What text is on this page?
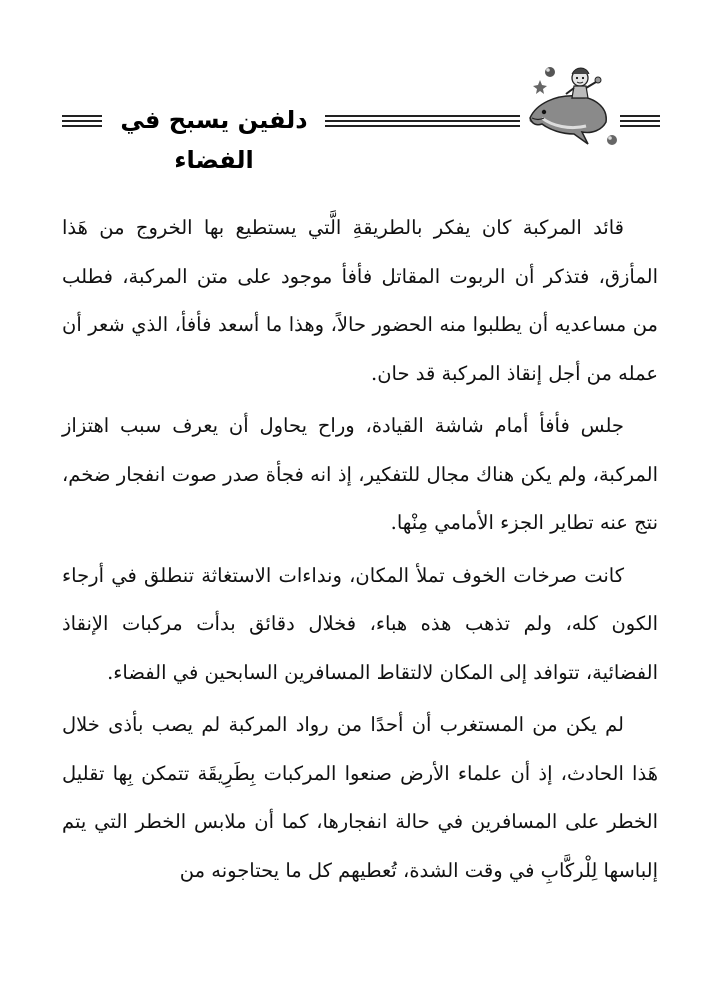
دلفين يسبح في الفضاء

قائد المركبة كان يفكر بالطريقةِ الَّتي يستطيع بها الخروج من هَذا المأزق، فتذكر أن الربوت المقاتل فأفأ موجود على متن المركبة، فطلب من مساعديه أن يطلبوا منه الحضور حالاً، وهذا ما أسعد فأفأ، الذي شعر أن عمله من أجل إنقاذ المركبة قد حان.

جلس فأفأ أمام شاشة القيادة، وراح يحاول أن يعرف سبب اهتزاز المركبة، ولم يكن هناك مجال للتفكير، إذ انه فجأة صدر صوت انفجار ضخم، نتج عنه تطاير الجزء الأمامي مِنْها.

كانت صرخات الخوف تملأ المكان، ونداءات الاستغاثة تنطلق في أرجاء الكون كله، ولم تذهب هذه هباء، فخلال دقائق بدأت مركبات الإنقاذ الفضائية، تتوافد إلى المكان لالتقاط المسافرين السابحين في الفضاء.

لم يكن من المستغرب أن أحدًا من رواد المركبة لم يصب بأذى خلال هَذا الحادث، إذ أن علماء الأرض صنعوا المركبات بِطَرِيقَة تتمكن بِها تقليل الخطر على المسافرين في حالة انفجارها، كما أن ملابس الخطر التي يتم إلباسها لِلْركَّابِ في وقت الشدة، تُعطيهم كل ما يحتاجونه من
